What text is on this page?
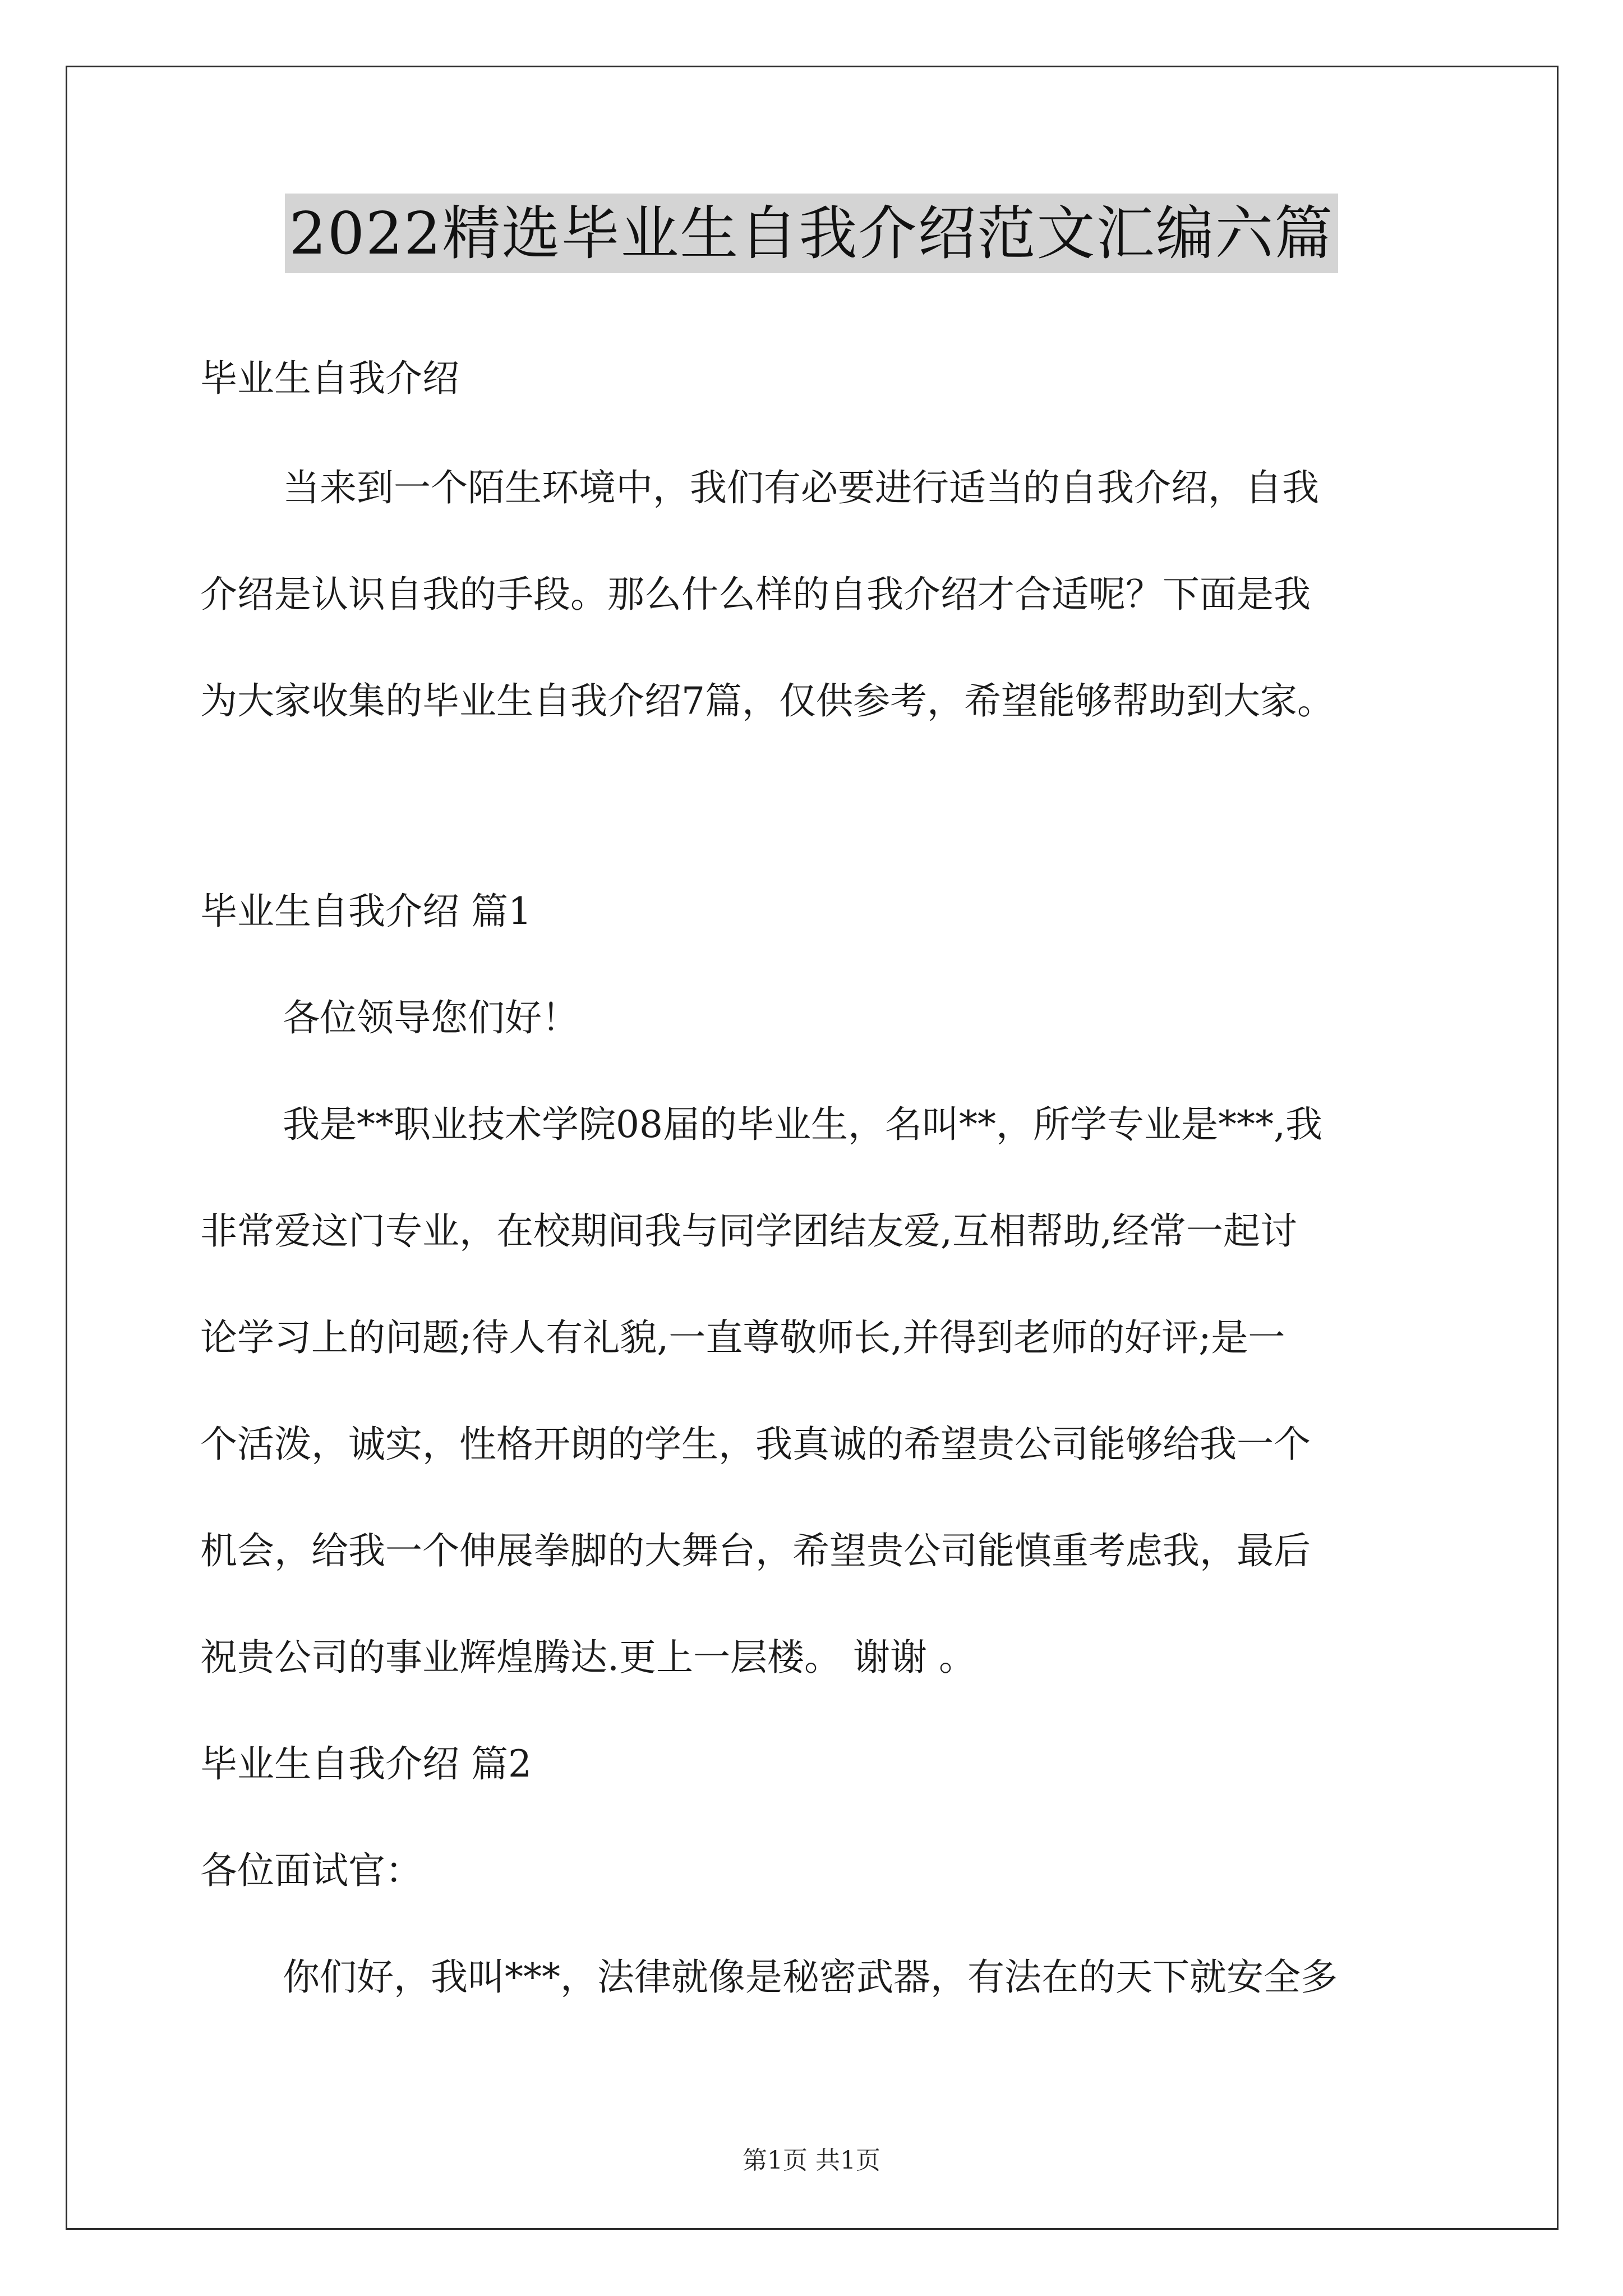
2022精选毕业生自我介绍范文汇编六篇

毕业生自我介绍

当来到一个陌生环境中，我们有必要进行适当的自我介绍，自我

介绍是认识自我的手段。那么什么样的自我介绍才合适呢？下面是我

为大家收集的毕业生自我介绍7篇，仅供参考，希望能够帮助到大家。

毕业生自我介绍 篇1

各位领导您们好！

我是**职业技术学院08届的毕业生，名叫**，所学专业是***,我

非常爱这门专业，在校期间我与同学团结友爱,互相帮助,经常一起讨

论学习上的问题;待人有礼貌,一直尊敬师长,并得到老师的好评;是一

个活泼，诚实，性格开朗的学生，我真诚的希望贵公司能够给我一个

机会，给我一个伸展拳脚的大舞台，希望贵公司能慎重考虑我，最后

祝贵公司的事业辉煌腾达.更上一层楼。 谢谢 。

毕业生自我介绍 篇2

各位面试官：

你们好，我叫***，法律就像是秘密武器，有法在的天下就安全多

第1页 共1页
